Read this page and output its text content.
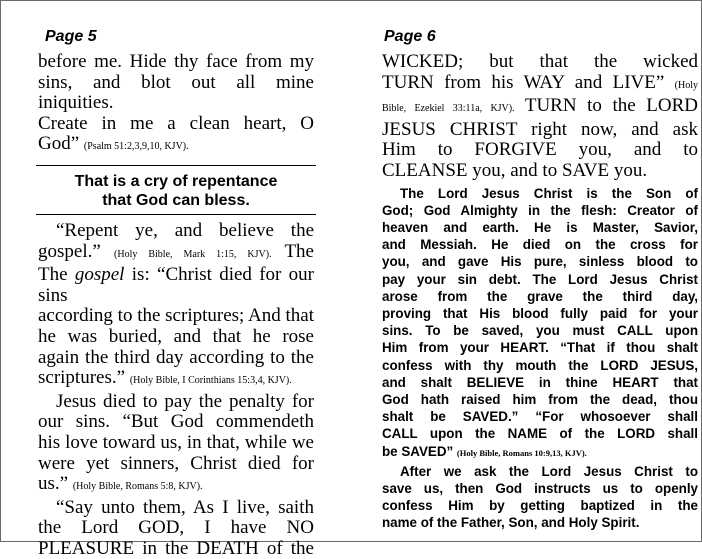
Page 5
before me. Hide thy face from my
sins, and blot out all mine iniquities.
Create in me a clean heart, O
God” (Psalm 51:2,3,9,10, KJV).
That is a cry of repentance
that God can bless.
“Repent ye, and believe the
gospel.” (Holy Bible, Mark 1:15, KJV). The
The gospel is: “Christ died for our sins
according to the scriptures; And that
he was buried, and that he rose
again the third day according to the
scriptures.” (Holy Bible, I Corinthians 15:3,4, KJV).
Jesus died to pay the penalty for
our sins. “But God commendeth
his love toward us, in that, while we
were yet sinners, Christ died for
us.” (Holy Bible, Romans 5:8, KJV).
“Say unto them, As I live, saith
the Lord GOD, I have NO
PLEASURE in the DEATH of the
Page 6
WICKED; but that the wicked
TURN from his WAY and LIVE” (Holy
Bible, Ezekiel 33:11a, KJV). TURN to the LORD
JESUS CHRIST right now, and ask
Him to FORGIVE you, and to
CLEANSE you, and to SAVE you.
The Lord Jesus Christ is the Son of
God; God Almighty in the flesh: Creator of
heaven and earth. He is Master, Savior,
and Messiah. He died on the cross for
you, and gave His pure, sinless blood to
pay your sin debt. The Lord Jesus Christ
arose from the grave the third day,
proving that His blood fully paid for your
sins. To be saved, you must CALL upon
Him from your HEART. “That if thou shalt
confess with thy mouth the LORD JESUS,
and shalt BELIEVE in thine HEART that
God hath raised him from the dead, thou
shalt be SAVED.” “For whosoever shall
CALL upon the NAME of the LORD shall
be SAVED” (Holy Bible, Romans 10:9,13, KJV).
After we ask the Lord Jesus Christ to
save us, then God instructs us to openly
confess Him by getting baptized in the
name of the Father, Son, and Holy Spirit.
